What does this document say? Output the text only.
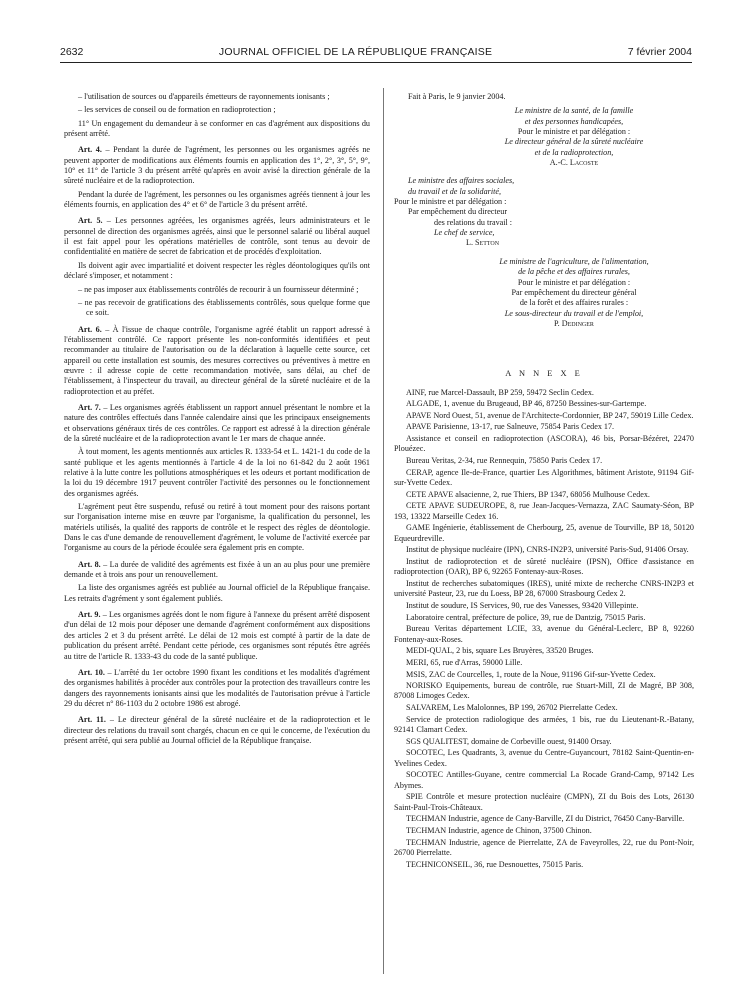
2632	JOURNAL OFFICIEL DE LA RÉPUBLIQUE FRANÇAISE	7 février 2004

– l'utilisation de sources ou d'appareils émetteurs de rayonnements ionisants ;

– les services de conseil ou de formation en radioprotection ;

11° Un engagement du demandeur à se conformer en cas d'agrément aux dispositions du présent arrêté.

Art. 4. – Pendant la durée de l'agrément, les personnes ou les organismes agréés ne peuvent apporter de modifications aux éléments fournis en application des 1°, 2°, 3°, 5°, 9°, 10° et 11° de l'article 3 du présent arrêté qu'après en avoir avisé la direction générale de la sûreté nucléaire et de la radioprotection.

Pendant la durée de l'agrément, les personnes ou les organismes agréés tiennent à jour les éléments fournis, en application des 4° et 6° de l'article 3 du présent arrêté.

Art. 5. – Les personnes agréées, les organismes agréés, leurs administrateurs et le personnel de direction des organismes agréés, ainsi que le personnel salarié ou libéral auquel il est fait appel pour les opérations matérielles de contrôle, sont tenus au devoir de confidentialité en matière de secret de fabrication et de procédés d'exploitation.

Ils doivent agir avec impartialité et doivent respecter les règles déontologiques qu'ils ont déclaré s'imposer, et notamment :

– ne pas imposer aux établissements contrôlés de recourir à un fournisseur déterminé ;

– ne pas recevoir de gratifications des établissements contrôlés, sous quelque forme que ce soit.

Art. 6. – À l'issue de chaque contrôle, l'organisme agréé établit un rapport adressé à l'établissement contrôlé. Ce rapport présente les non-conformités identifiées et peut recommander au titulaire de l'autorisation ou de la déclaration à laquelle cette source, cet appareil ou cette installation est soumis, des mesures correctives ou préventives à mettre en œuvre : il adresse copie de cette recommandation motivée, sans délai, au chef de l'établissement, à l'inspecteur du travail, au directeur général de la sûreté nucléaire et de la radioprotection et au préfet.

Art. 7. – Les organismes agréés établissent un rapport annuel présentant le nombre et la nature des contrôles effectués dans l'année calendaire ainsi que les principaux enseignements et observations généraux tirés de ces contrôles. Ce rapport est adressé à la direction générale de la sûreté nucléaire et de la radioprotection avant le 1er mars de chaque année.

À tout moment, les agents mentionnés aux articles R. 1333-54 et L. 1421-1 du code de la santé publique et les agents mentionnés à l'article 4 de la loi no 61-842 du 2 août 1961 relative à la lutte contre les pollutions atmosphériques et les odeurs et portant modification de la loi du 19 décembre 1917 peuvent contrôler l'activité des personnes ou le fonctionnement des organismes agréés.

L'agrément peut être suspendu, refusé ou retiré à tout moment pour des raisons portant sur l'organisation interne mise en œuvre par l'organisme, la qualification du personnel, les matériels utilisés, la qualité des rapports de contrôle et le respect des règles de déontologie. Dans le cas d'une demande de renouvellement d'agrément, le volume de l'activité exercée par l'organisme au cours de la période écoulée sera également pris en compte.

Art. 8. – La durée de validité des agréments est fixée à un an au plus pour une première demande et à trois ans pour un renouvellement.

La liste des organismes agréés est publiée au Journal officiel de la République française. Les retraits d'agrément y sont également publiés.

Art. 9. – Les organismes agréés dont le nom figure à l'annexe du présent arrêté disposent d'un délai de 12 mois pour déposer une demande d'agrément conformément aux dispositions des articles 2 et 3 du présent arrêté. Le délai de 12 mois est compté à partir de la date de publication du présent arrêté. Pendant cette période, ces organismes sont réputés être agréés au titre de l'article R. 1333-43 du code de la santé publique.

Art. 10. – L'arrêté du 1er octobre 1990 fixant les conditions et les modalités d'agrément des organismes habilités à procéder aux contrôles pour la protection des travailleurs contre les dangers des rayonnements ionisants ainsi que les modalités de l'autorisation prévue à l'article 29 du décret n° 86-1103 du 2 octobre 1986 est abrogé.

Art. 11. – Le directeur général de la sûreté nucléaire et de la radioprotection et le directeur des relations du travail sont chargés, chacun en ce qui le concerne, de l'exécution du présent arrêté, qui sera publié au Journal officiel de la République française.

Fait à Paris, le 9 janvier 2004.

Le ministre de la santé, de la famille

et des personnes handicapées,

Pour le ministre et par délégation :

Le directeur général de la sûreté nucléaire

et de la radioprotection,

A.-C. Lacoste

Le ministre des affaires sociales,

du travail et de la solidarité,

Pour le ministre et par délégation :

Par empêchement du directeur

des relations du travail :

Le chef de service,

L. Setton

Le ministre de l'agriculture, de l'alimentation,

de la pêche et des affaires rurales,

Pour le ministre et par délégation :

Par empêchement du directeur général

de la forêt et des affaires rurales :

Le sous-directeur du travail et de l'emploi,

P. Dedinger

A N N E X E

AINF, rue Marcel-Dassault, BP 259, 59472 Seclin Cedex.

ALGADE, 1, avenue du Brugeaud, BP 46, 87250 Bessines-sur-Gartempe.

APAVE Nord Ouest, 51, avenue de l'Architecte-Cordonnier, BP 247, 59019 Lille Cedex.

APAVE Parisienne, 13-17, rue Salneuve, 75854 Paris Cedex 17.

Assistance et conseil en radioprotection (ASCORA), 46 bis, Porsar-Bézéret, 22470 Plouézec.

Bureau Veritas, 2-34, rue Rennequin, 75850 Paris Cedex 17.

CERAP, agence Ile-de-France, quartier Les Algorithmes, bâtiment Aristote, 91194 Gif-sur-Yvette Cedex.

CETE APAVE alsacienne, 2, rue Thiers, BP 1347, 68056 Mulhouse Cedex.

CETE APAVE SUDEUROPE, 8, rue Jean-Jacques-Vernazza, ZAC Saumaty-Séon, BP 193, 13322 Marseille Cedex 16.

GAME Ingénierie, établissement de Cherbourg, 25, avenue de Tourville, BP 18, 50120 Equeurdreville.

Institut de physique nucléaire (IPN), CNRS-IN2P3, université Paris-Sud, 91406 Orsay.

Institut de radioprotection et de sûreté nucléaire (IPSN), Office d'assistance en radioprotection (OAR), BP 6, 92265 Fontenay-aux-Roses.

Institut de recherches subatomiques (IRES), unité mixte de recherche CNRS-IN2P3 et université Pasteur, 23, rue du Loess, BP 28, 67000 Strasbourg Cedex 2.

Institut de soudure, IS Services, 90, rue des Vanesses, 93420 Villepinte.

Laboratoire central, préfecture de police, 39, rue de Dantzig, 75015 Paris.

Bureau Veritas département LCIE, 33, avenue du Général-Leclerc, BP 8, 92260 Fontenay-aux-Roses.

MEDI-QUAL, 2 bis, square Les Bruyères, 33520 Bruges.

MERI, 65, rue d'Arras, 59000 Lille.

MSIS, ZAC de Courcelles, 1, route de la Noue, 91196 Gif-sur-Yvette Cedex.

NORISKO Equipements, bureau de contrôle, rue Stuart-Mill, ZI de Magré, BP 308, 87008 Limoges Cedex.

SALVAREM, Les Malolonnes, BP 199, 26702 Pierrelatte Cedex.

Service de protection radiologique des armées, 1 bis, rue du Lieutenant-R.-Batany, 92141 Clamart Cedex.

SGS QUALITEST, domaine de Corbeville ouest, 91400 Orsay.

SOCOTEC, Les Quadrants, 3, avenue du Centre-Guyancourt, 78182 Saint-Quentin-en-Yvelines Cedex.

SOCOTEC Antilles-Guyane, centre commercial La Rocade Grand-Camp, 97142 Les Abymes.

SPIE Contrôle et mesure protection nucléaire (CMPN), ZI du Bois des Lots, 26130 Saint-Paul-Trois-Châteaux.

TECHMAN Industrie, agence de Cany-Barville, ZI du District, 76450 Cany-Barville.

TECHMAN Industrie, agence de Chinon, 37500 Chinon.

TECHMAN Industrie, agence de Pierrelatte, ZA de Faveyrolles, 22, rue du Pont-Noir, 26700 Pierrelatte.

TECHNICONSEIL, 36, rue Desnouettes, 75015 Paris.
